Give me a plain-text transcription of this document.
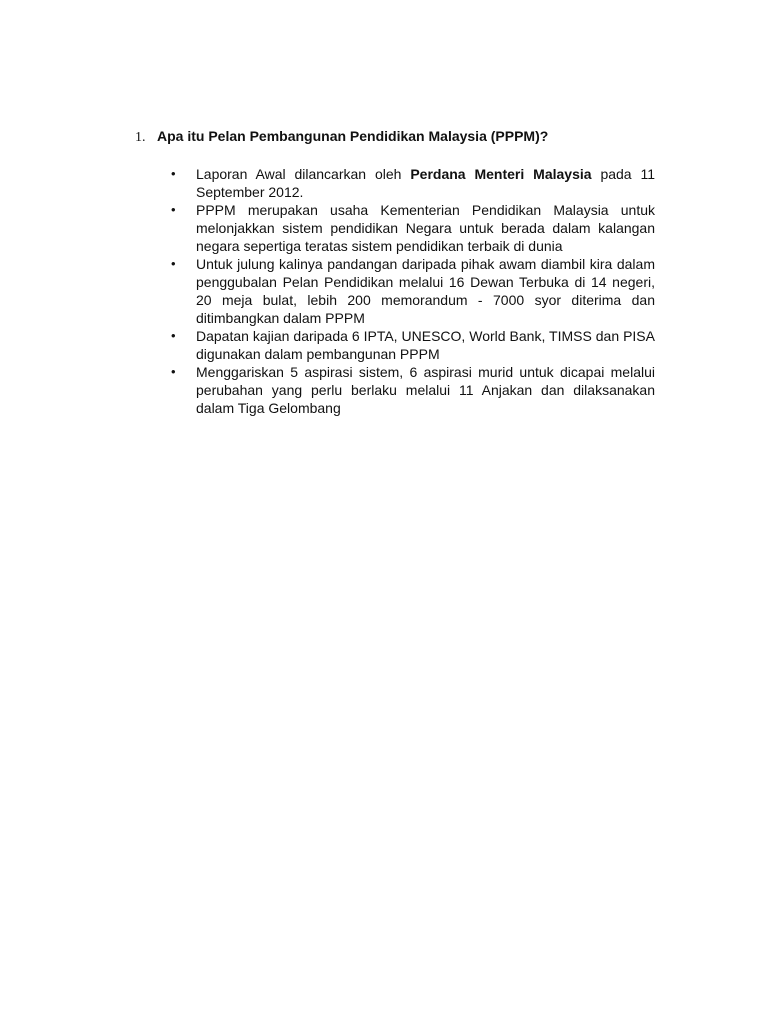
1. Apa itu Pelan Pembangunan Pendidikan Malaysia (PPPM)?
•	Laporan Awal dilancarkan oleh Perdana Menteri Malaysia pada 11 September 2012.
•	PPPM merupakan usaha Kementerian Pendidikan Malaysia untuk melonjakkan sistem pendidikan Negara untuk berada dalam kalangan negara sepertiga teratas sistem pendidikan terbaik di dunia
•	Untuk julung kalinya pandangan daripada pihak awam diambil kira dalam penggubalan Pelan Pendidikan melalui 16 Dewan Terbuka di 14 negeri, 20 meja bulat, lebih 200 memorandum - 7000 syor diterima dan ditimbangkan dalam PPPM
•	Dapatan kajian daripada 6 IPTA, UNESCO, World Bank, TIMSS dan PISA digunakan dalam pembangunan PPPM
•	Menggariskan 5 aspirasi sistem, 6 aspirasi murid untuk dicapai melalui perubahan yang perlu berlaku melalui 11 Anjakan dan dilaksanakan dalam Tiga Gelombang
